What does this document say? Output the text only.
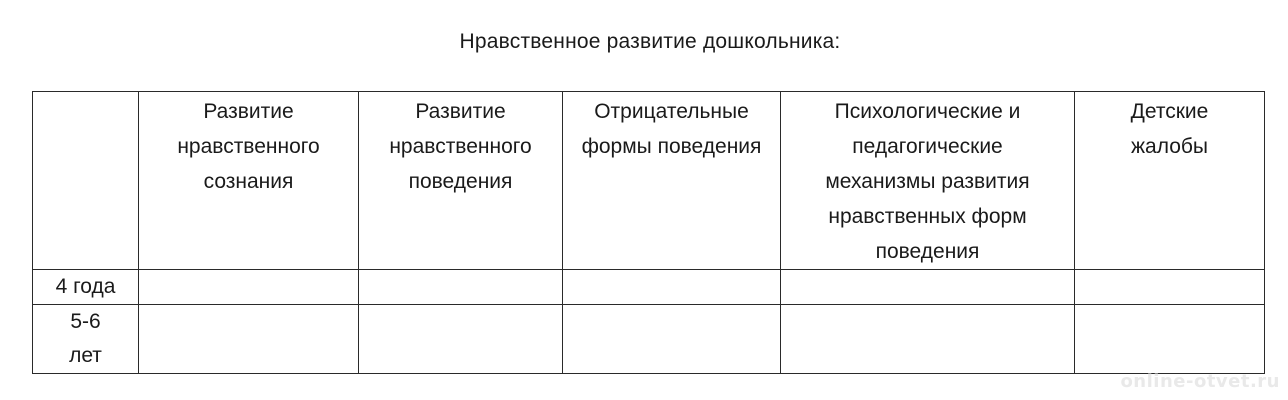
Нравственное развитие дошкольника:

	Развитие нравственного сознания	Развитие нравственного поведения	Отрицательные формы поведения	Психологические и педагогические механизмы развития нравственных форм поведения	Детские жалобы

4 года					

5-6 лет					

online-otvet.ru
